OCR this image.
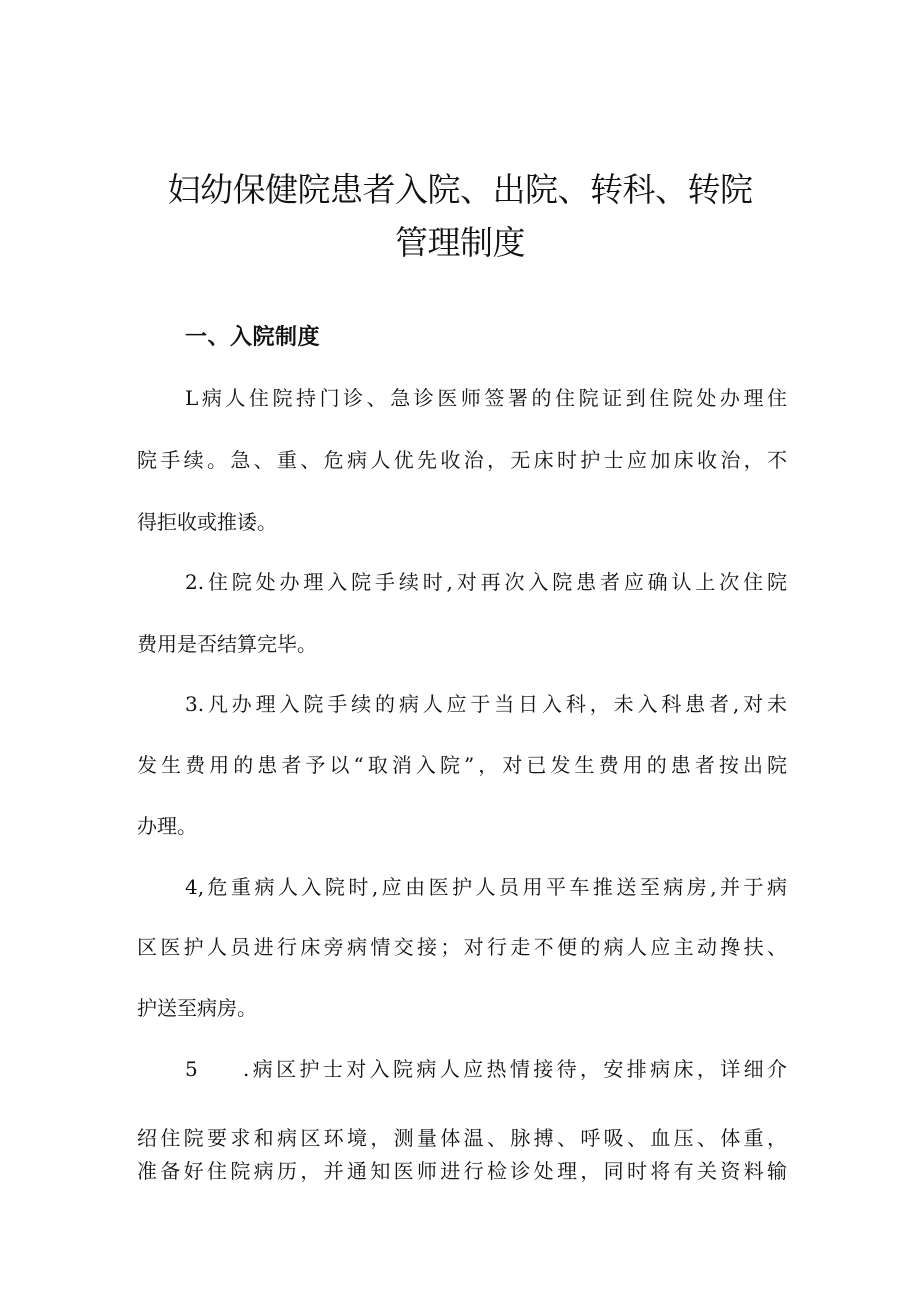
妇幼保健院患者入院、出院、转科、转院
管理制度
一、入院制度
L病人住院持门诊、急诊医师签署的住院证到住院处办理住
院手续。急、重、危病人优先收治，无床时护士应加床收治，不
得拒收或推诿。
2.住院处办理入院手续时,对再次入院患者应确认上次住院
费用是否结算完毕。
3.凡办理入院手续的病人应于当日入科，未入科患者,对未
发生费用的患者予以“取消入院”，对已发生费用的患者按出院
办理。
4,危重病人入院时,应由医护人员用平车推送至病房,并于病
区医护人员进行床旁病情交接；对行走不便的病人应主动搀扶、
护送至病房。
5 .病区护士对入院病人应热情接待，安排病床，详细介
绍住院要求和病区环境，测量体温、脉搏、呼吸、血压、体重，
准备好住院病历，并通知医师进行检诊处理，同时将有关资料输
